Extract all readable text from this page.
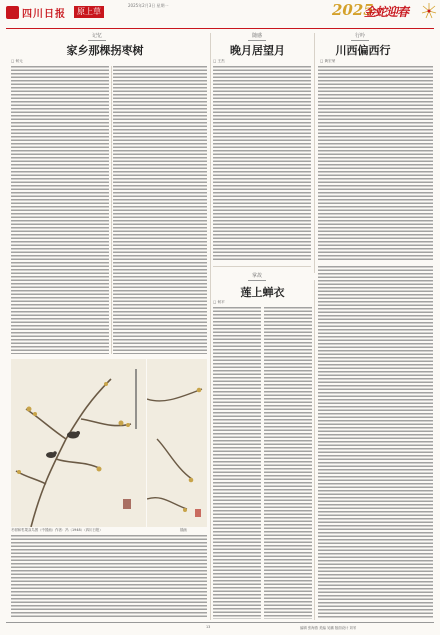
四川日报	原上草
2025年2月3日 星期一	2025
金蛇迎春
记忆
家乡那棵拐枣树
□ 何元
随感
晚月居望月
□ 王杰
行吟
川西偏西行
□ 黄宏荣
冬树和枣果双鸟图（中国画）作者：冯（1948）（四川日报）	插画
掌故
莲上蝉衣
□ 何平
13	编辑 张海燕 美编 吴鹏 版面设计 刘苇
